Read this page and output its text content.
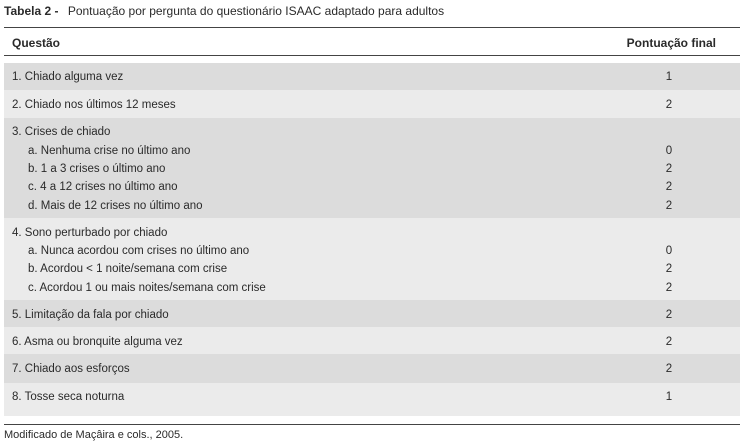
Tabela 2 - Pontuação por pergunta do questionário ISAAC adaptado para adultos
Questão	Pontuação final
1. Chiado alguma vez	1
2. Chiado nos últimos 12 meses	2
3. Crises de chiado
a. Nenhuma crise no último ano	0
b. 1 a 3 crises o último ano	2
c. 4 a 12 crises no último ano	2
d. Mais de 12 crises no último ano	2
4. Sono perturbado por chiado
a. Nunca acordou com crises no último ano	0
b. Acordou < 1 noite/semana com crise	2
c. Acordou 1 ou mais noites/semana com crise	2
5. Limitação da fala por chiado	2
6. Asma ou bronquite alguma vez	2
7. Chiado aos esforços	2
8. Tosse seca noturna	1
Modificado de Maçâira e cols., 2005.
